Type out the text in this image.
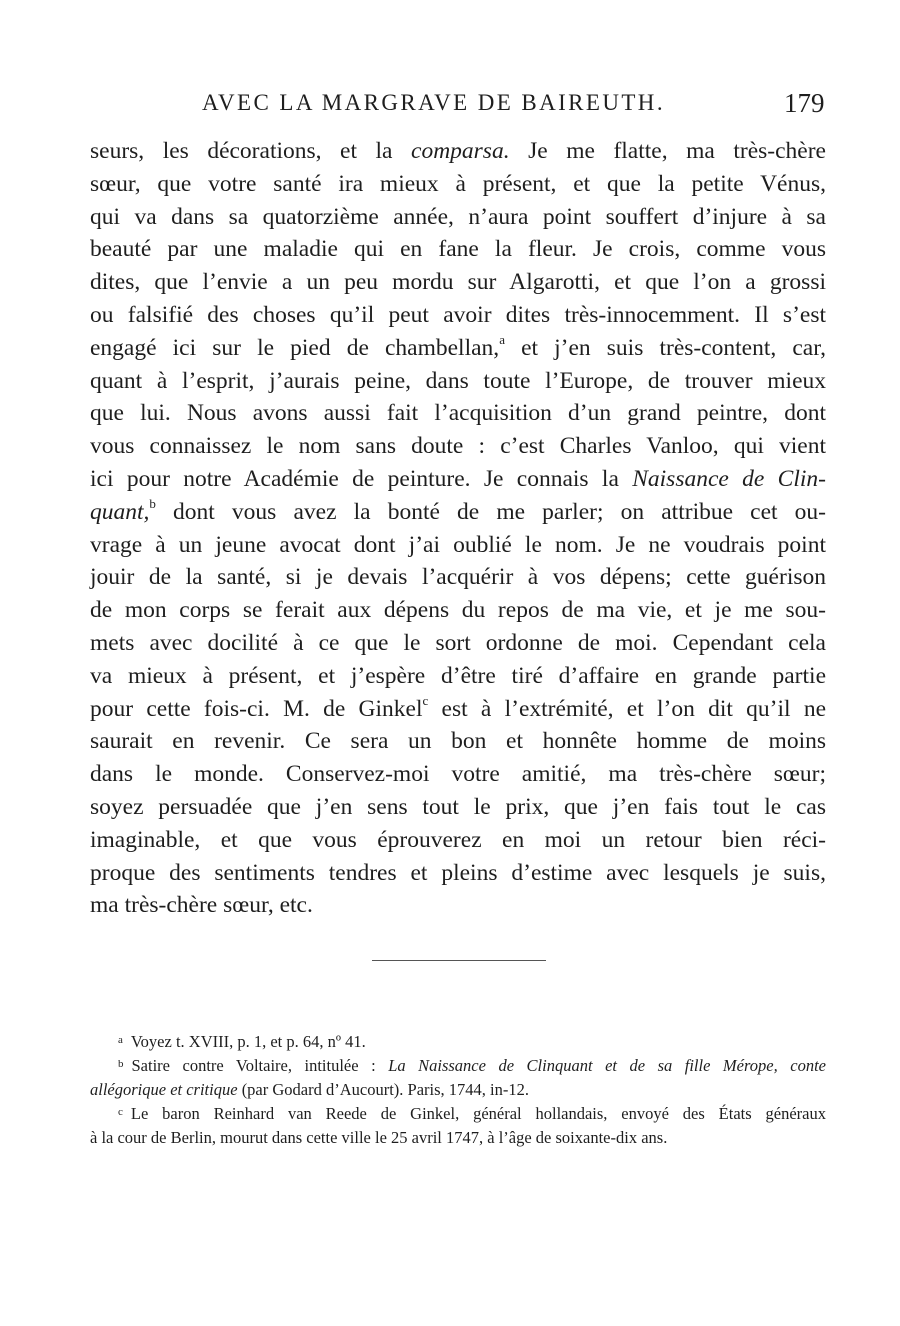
AVEC LA MARGRAVE DE BAIREUTH.	179
seurs, les décorations, et la comparsa. Je me flatte, ma très-chère
sœur, que votre santé ira mieux à présent, et que la petite Vénus,
qui va dans sa quatorzième année, n’aura point souffert d’injure à sa
beauté par une maladie qui en fane la fleur. Je crois, comme vous
dites, que l’envie a un peu mordu sur Algarotti, et que l’on a grossi
ou falsifié des choses qu’il peut avoir dites très-innocemment. Il s’est
engagé ici sur le pied de chambellan,$^a$ et j’en suis très-content, car,
quant à l’esprit, j’aurais peine, dans toute l’Europe, de trouver mieux
que lui. Nous avons aussi fait l’acquisition d’un grand peintre, dont
vous connaissez le nom sans doute : c’est Charles Vanloo, qui vient
ici pour notre Académie de peinture. Je connais la Naissance de Clin-
quant,$^b$ dont vous avez la bonté de me parler; on attribue cet ou-
vrage à un jeune avocat dont j’ai oublié le nom. Je ne voudrais point
jouir de la santé, si je devais l’acquérir à vos dépens; cette guérison
de mon corps se ferait aux dépens du repos de ma vie, et je me sou-
mets avec docilité à ce que le sort ordonne de moi. Cependant cela
va mieux à présent, et j’espère d’être tiré d’affaire en grande partie
pour cette fois-ci. M. de Ginkel$^c$ est à l’extrémité, et l’on dit qu’il ne
saurait en revenir. Ce sera un bon et honnête homme de moins
dans le monde. Conservez-moi votre amitié, ma très-chère sœur;
soyez persuadée que j’en sens tout le prix, que j’en fais tout le cas
imaginable, et que vous éprouverez en moi un retour bien réci-
proque des sentiments tendres et pleins d’estime avec lesquels je suis,
ma très-chère sœur, etc.
$^a$ Voyez t. XVIII, p. 1, et p. 64, nº 41.
$^b$ Satire contre Voltaire, intitulée : La Naissance de Clinquant et de sa fille Mérope, conte
allégorique et critique (par Godard d’Aucourt). Paris, 1744, in-12.
$^c$ Le baron Reinhard van Reede de Ginkel, général hollandais, envoyé des États généraux
à la cour de Berlin, mourut dans cette ville le 25 avril 1747, à l’âge de soixante-dix ans.
